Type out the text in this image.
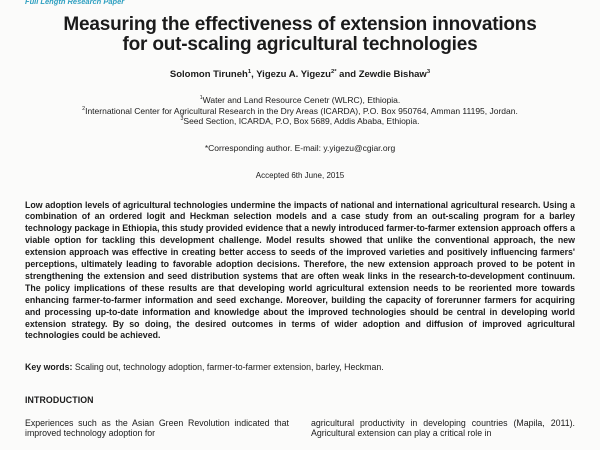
Full Length Research Paper
Measuring the effectiveness of extension innovations
for out-scaling agricultural technologies
Solomon Tiruneh$^1$, Yigezu A. Yigezu$^{2*}$ and Zewdie Bishaw$^3$
$^1$Water and Land Resource Cenetr (WLRC), Ethiopia.
$^2$International Center for Agricultural Research in the Dry Areas (ICARDA), P.O. Box 950764, Amman 11195, Jordan.
$^3$Seed Section, ICARDA, P.O, Box 5689, Addis Ababa, Ethiopia.
*Corresponding author. E-mail: y.yigezu@cgiar.org
Accepted 6th June, 2015
Low adoption levels of agricultural technologies undermine the impacts of national and international agricultural research. Using a combination of an ordered logit and Heckman selection models and a case study from an out-scaling program for a barley technology package in Ethiopia, this study provided evidence that a newly introduced farmer-to-farmer extension approach offers a viable option for tackling this development challenge. Model results showed that unlike the conventional approach, the new extension approach was effective in creating better access to seeds of the improved varieties and positively influencing farmers' perceptions, ultimately leading to favorable adoption decisions. Therefore, the new extension approach proved to be potent in strengthening the extension and seed distribution systems that are often weak links in the research-to-development continuum. The policy implications of these results are that developing world agricultural extension needs to be reoriented more towards enhancing farmer-to-farmer information and seed exchange. Moreover, building the capacity of forerunner farmers for acquiring and processing up-to-date information and knowledge about the improved technologies should be central in developing world extension strategy. By so doing, the desired outcomes in terms of wider adoption and diffusion of improved agricultural technologies could be achieved.
Key words: Scaling out, technology adoption, farmer-to-farmer extension, barley, Heckman.
INTRODUCTION
Experiences such as the Asian Green Revolution indicated that improved technology adoption for
agricultural productivity in developing countries (Mapila, 2011). Agricultural extension can play a critical role in
